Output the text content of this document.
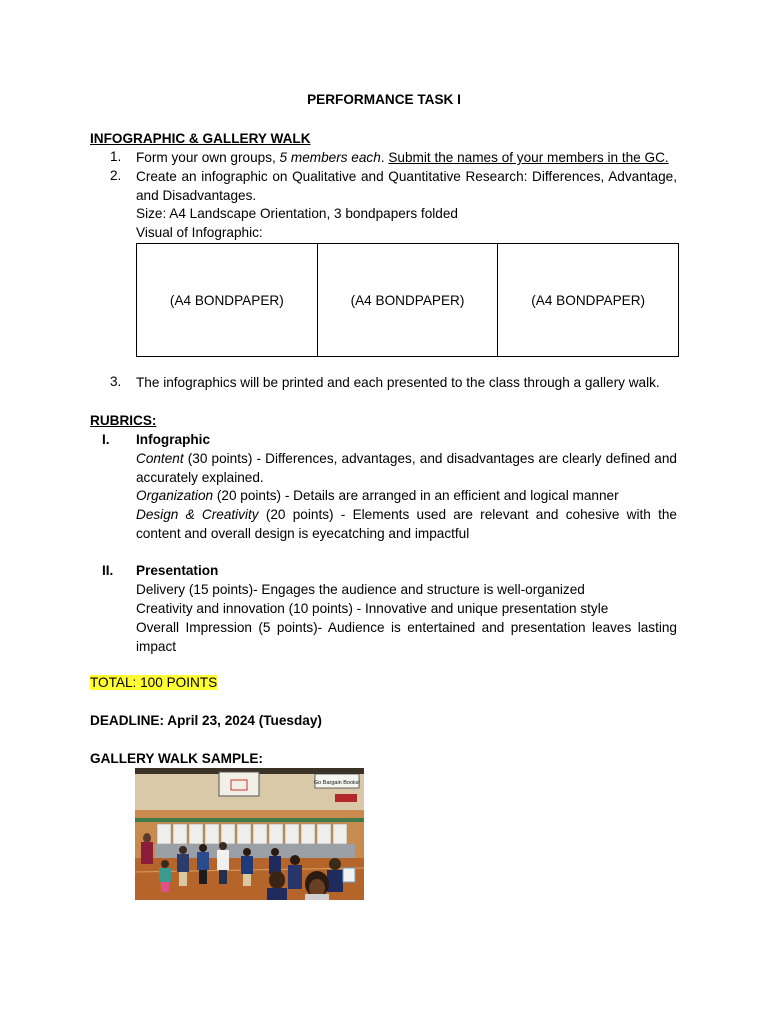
PERFORMANCE TASK I
INFOGRAPHIC & GALLERY WALK
1.	Form your own groups, 5 members each. Submit the names of your members in the GC.
2.	Create an infographic on Qualitative and Quantitative Research: Differences, Advantage, and Disadvantages.
Size: A4 Landscape Orientation, 3 bondpapers folded
Visual of Infographic:
(A4 BONDPAPER)	(A4 BONDPAPER)	(A4 BONDPAPER)
3.	The infographics will be printed and each presented to the class through a gallery walk.
RUBRICS:
I. Infographic
Content (30 points) - Differences, advantages, and disadvantages are clearly defined and accurately explained.
Organization (20 points) - Details are arranged in an efficient and logical manner
Design & Creativity (20 points) - Elements used are relevant and cohesive with the content and overall design is eyecatching and impactful
II. Presentation
Delivery (15 points)- Engages the audience and structure is well-organized
Creativity and innovation (10 points) - Innovative and unique presentation style
Overall Impression (5 points)- Audience is entertained and presentation leaves lasting impact
TOTAL: 100 POINTS
DEADLINE: April 23, 2024 (Tuesday)
GALLERY WALK SAMPLE:
Go Bargain Books!
